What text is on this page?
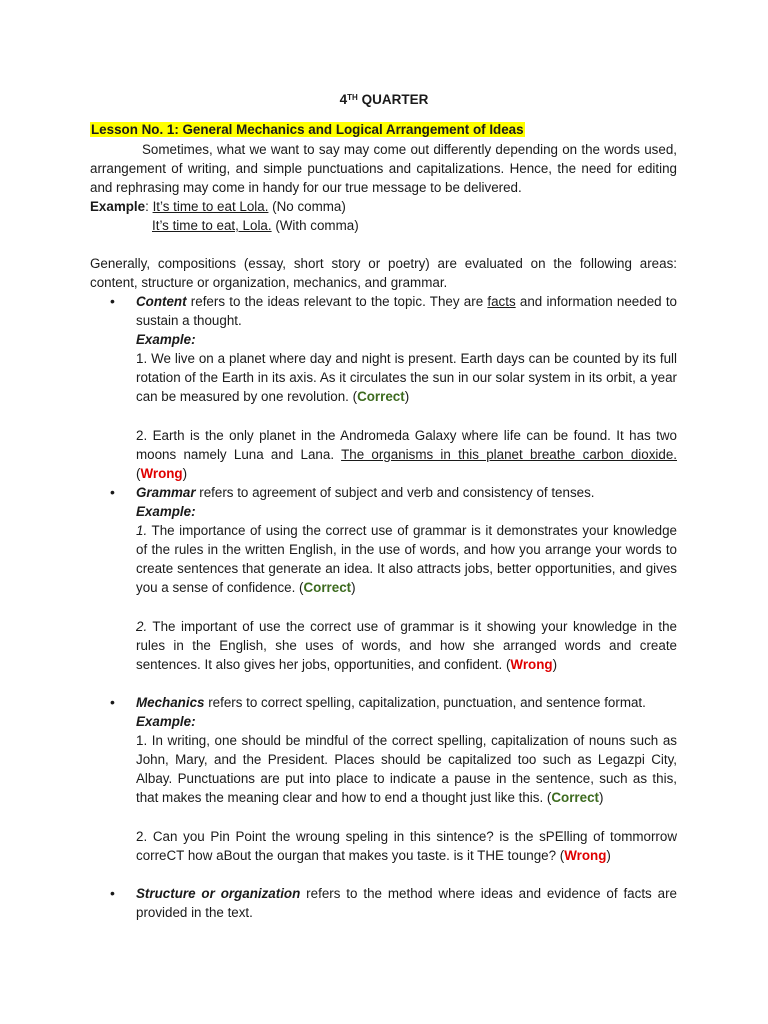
4TH QUARTER
Lesson No. 1: General Mechanics and Logical Arrangement of Ideas
Sometimes, what we want to say may come out differently depending on the words used, arrangement of writing, and simple punctuations and capitalizations. Hence, the need for editing and rephrasing may come in handy for our true message to be delivered.
Example: It’s time to eat Lola. (No comma)
It’s time to eat, Lola. (With comma)
Generally, compositions (essay, short story or poetry) are evaluated on the following areas: content, structure or organization, mechanics, and grammar.
• Content refers to the ideas relevant to the topic. They are facts and information needed to sustain a thought.
Example:
1. We live on a planet where day and night is present. Earth days can be counted by its full rotation of the Earth in its axis. As it circulates the sun in our solar system in its orbit, a year can be measured by one revolution. (Correct)
2. Earth is the only planet in the Andromeda Galaxy where life can be found. It has two moons namely Luna and Lana. The organisms in this planet breathe carbon dioxide. (Wrong)
• Grammar refers to agreement of subject and verb and consistency of tenses.
Example:
1. The importance of using the correct use of grammar is it demonstrates your knowledge of the rules in the written English, in the use of words, and how you arrange your words to create sentences that generate an idea. It also attracts jobs, better opportunities, and gives you a sense of confidence. (Correct)
2. The important of use the correct use of grammar is it showing your knowledge in the rules in the English, she uses of words, and how she arranged words and create sentences. It also gives her jobs, opportunities, and confident. (Wrong)
• Mechanics refers to correct spelling, capitalization, punctuation, and sentence format.
Example:
1. In writing, one should be mindful of the correct spelling, capitalization of nouns such as John, Mary, and the President. Places should be capitalized too such as Legazpi City, Albay. Punctuations are put into place to indicate a pause in the sentence, such as this, that makes the meaning clear and how to end a thought just like this. (Correct)
2. Can you Pin Point the wroung speling in this sintence? is the sPElling of tommorrow correCT how aBout the ourgan that makes you taste. is it THE tounge? (Wrong)
• Structure or organization refers to the method where ideas and evidence of facts are provided in the text.
